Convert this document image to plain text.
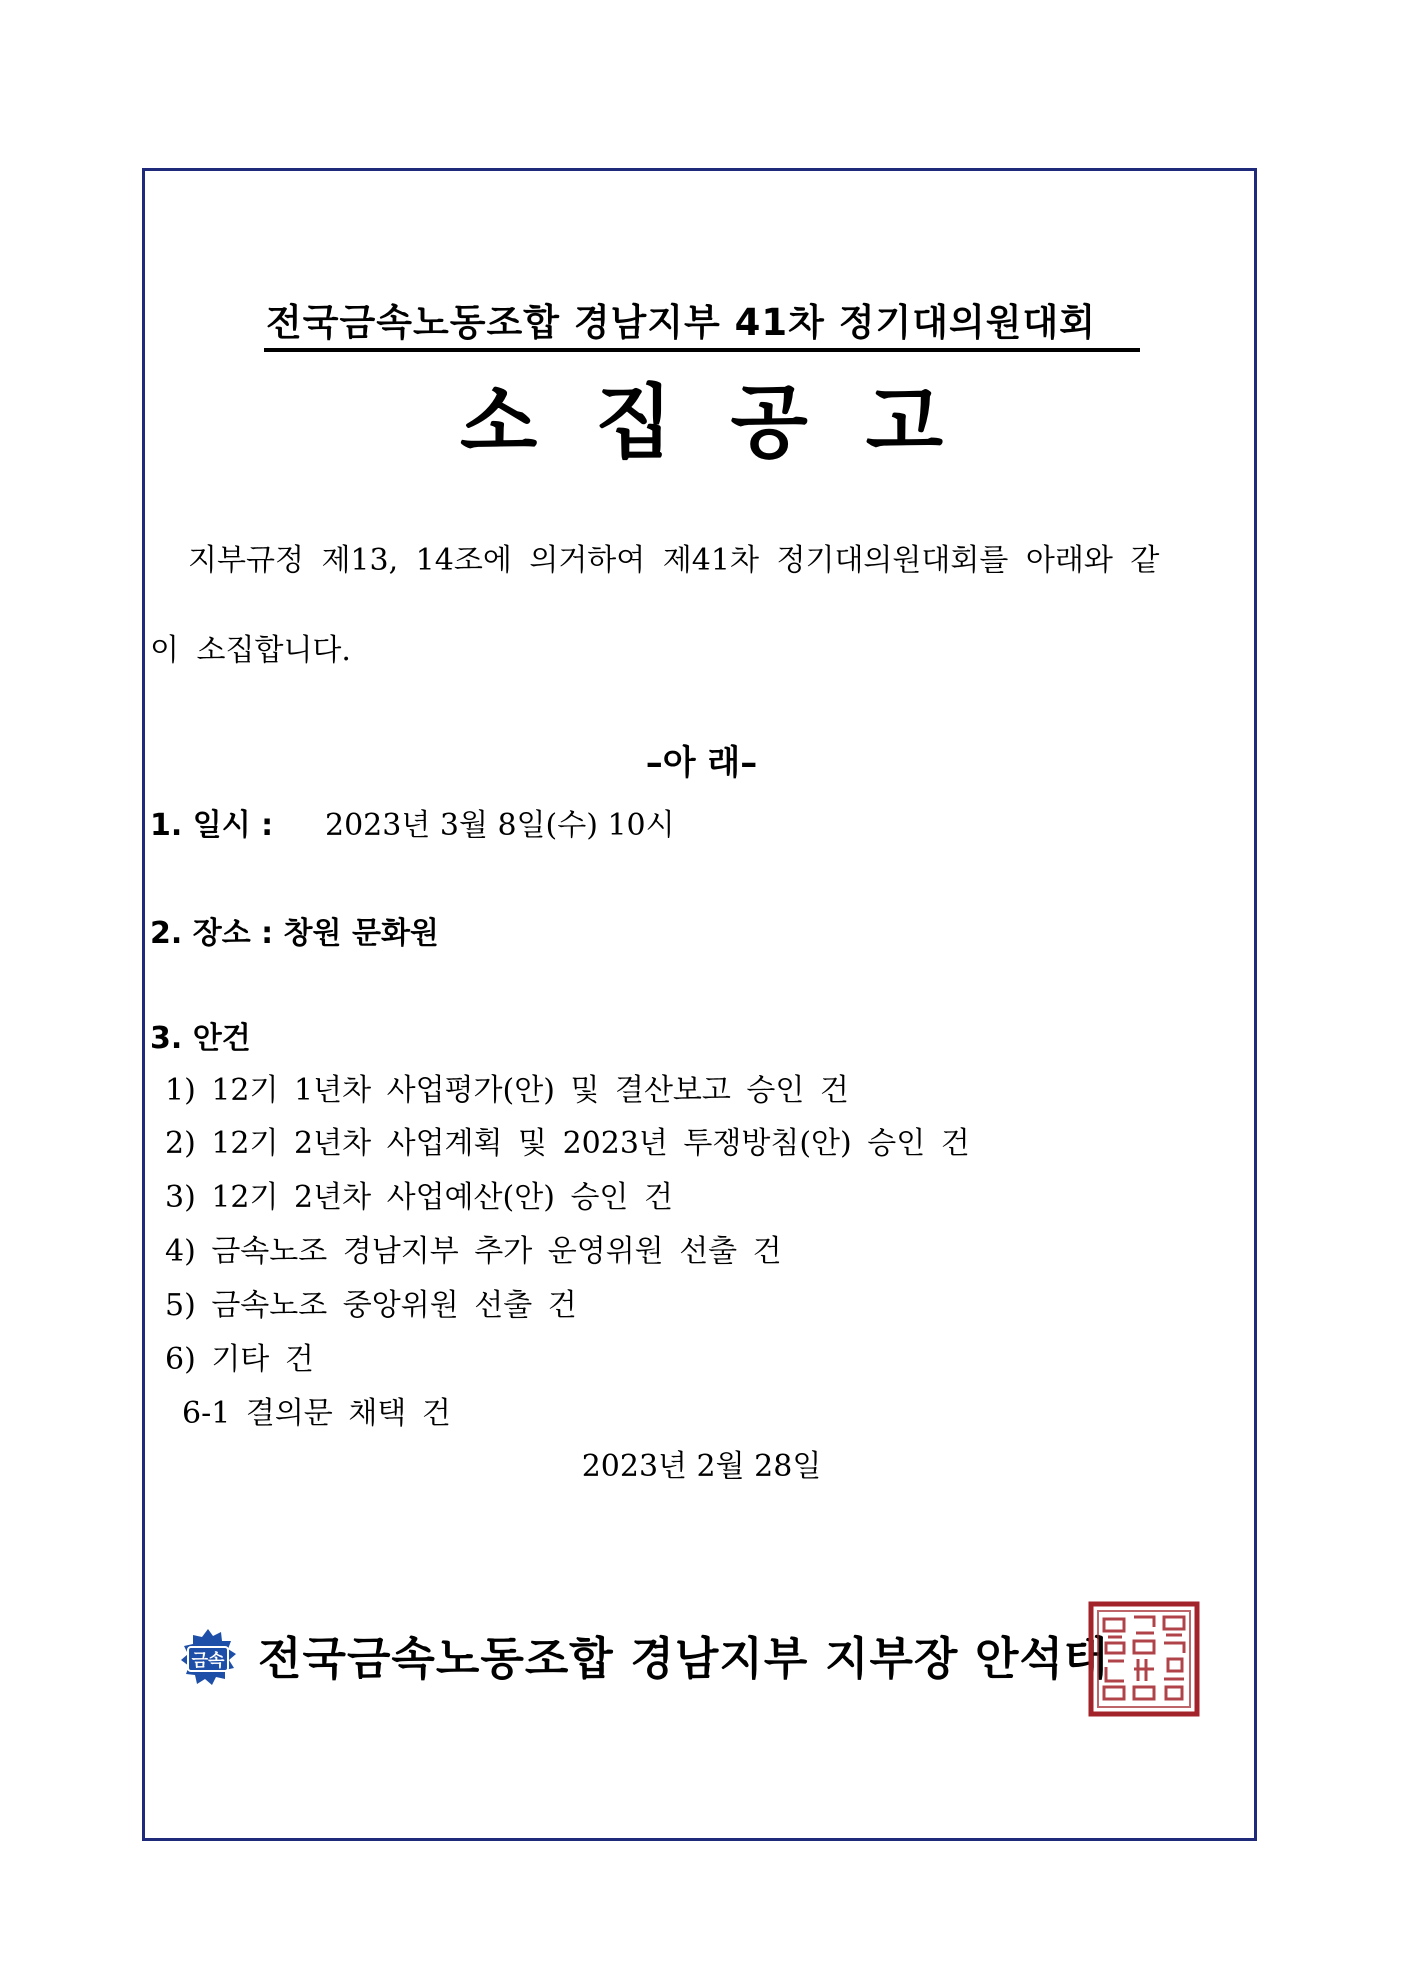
전국금속노동조합 경남지부 41차 정기대의원대회
소집공고
지부규정 제13, 14조에 의거하여 제41차 정기대의원대회를 아래와 같
이 소집합니다.
–아 래–
1. 일시 : 2023년 3월 8일(수) 10시
2. 장소 : 창원 문화원
3. 안건
1) 12기 1년차 사업평가(안) 및 결산보고 승인 건
2) 12기 2년차 사업계획 및 2023년 투쟁방침(안) 승인 건
3) 12기 2년차 사업예산(안) 승인 건
4) 금속노조 경남지부 추가 운영위원 선출 건
5) 금속노조 중앙위원 선출 건
6) 기타 건
6-1 결의문 채택 건
2023년 2월 28일
금속 전국금속노동조합 경남지부 지부장 안석태
